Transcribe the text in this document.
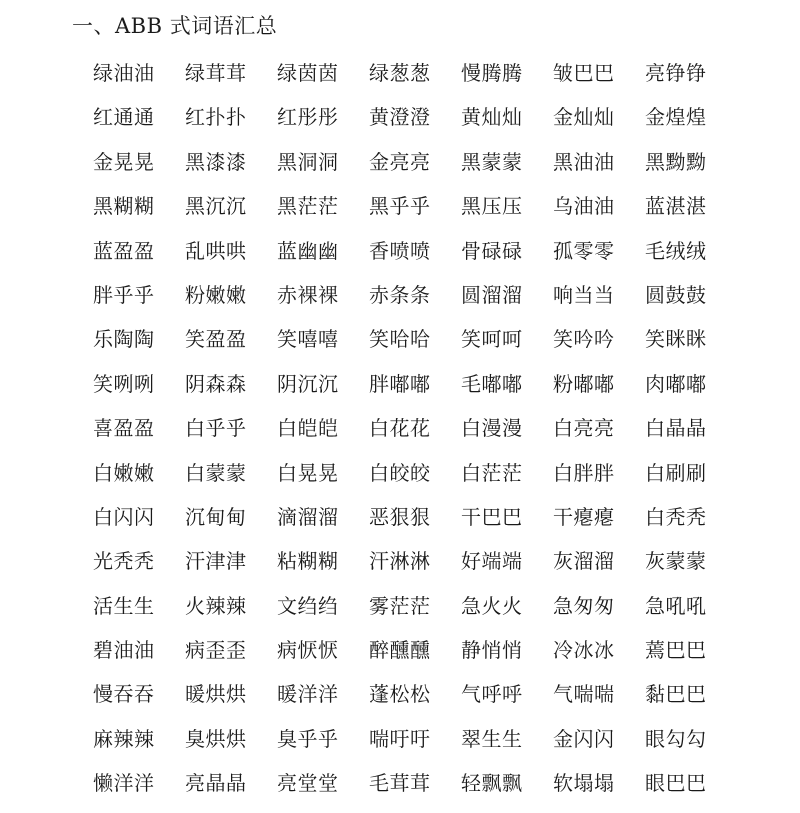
一、ABB 式词语汇总
绿油油	绿茸茸	绿茵茵	绿葱葱	慢腾腾	皱巴巴	亮铮铮
红通通	红扑扑	红彤彤	黄澄澄	黄灿灿	金灿灿	金煌煌
金晃晃	黑漆漆	黑洞洞	金亮亮	黑蒙蒙	黑油油	黑黝黝
黑糊糊	黑沉沉	黑茫茫	黑乎乎	黑压压	乌油油	蓝湛湛
蓝盈盈	乱哄哄	蓝幽幽	香喷喷	骨碌碌	孤零零	毛绒绒
胖乎乎	粉嫩嫩	赤裸裸	赤条条	圆溜溜	响当当	圆鼓鼓
乐陶陶	笑盈盈	笑嘻嘻	笑哈哈	笑呵呵	笑吟吟	笑眯眯
笑咧咧	阴森森	阴沉沉	胖嘟嘟	毛嘟嘟	粉嘟嘟	肉嘟嘟
喜盈盈	白乎乎	白皑皑	白花花	白漫漫	白亮亮	白晶晶
白嫩嫩	白蒙蒙	白晃晃	白皎皎	白茫茫	白胖胖	白刷刷
白闪闪	沉甸甸	滴溜溜	恶狠狠	干巴巴	干瘪瘪	白秃秃
光秃秃	汗津津	粘糊糊	汗淋淋	好端端	灰溜溜	灰蒙蒙
活生生	火辣辣	文绉绉	雾茫茫	急火火	急匆匆	急吼吼
碧油油	病歪歪	病恹恹	醉醺醺	静悄悄	冷冰冰	蔫巴巴
慢吞吞	暖烘烘	暖洋洋	蓬松松	气呼呼	气喘喘	黏巴巴
麻辣辣	臭烘烘	臭乎乎	喘吁吁	翠生生	金闪闪	眼勾勾
懒洋洋	亮晶晶	亮堂堂	毛茸茸	轻飘飘	软塌塌	眼巴巴
